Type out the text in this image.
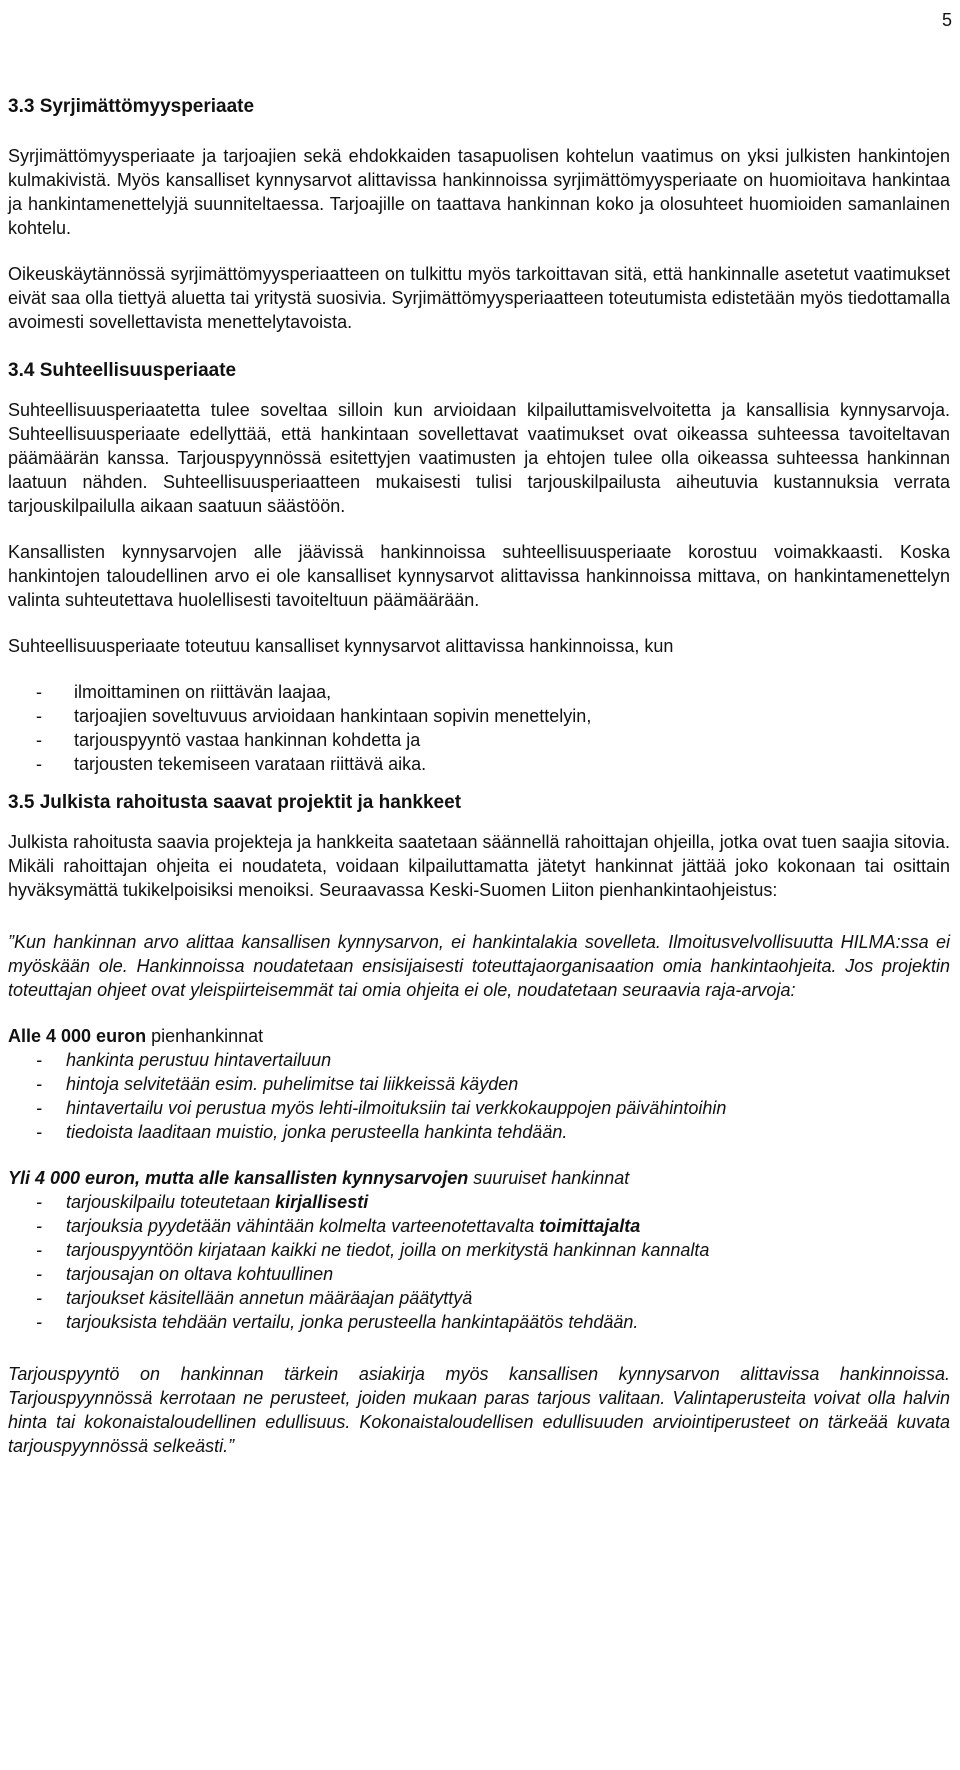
5
3.3 Syrjimättömyysperiaate

Syrjimättömyysperiaate ja tarjoajien sekä ehdokkaiden tasapuolisen kohtelun vaatimus on yksi julkisten hankintojen kulmakivistä. Myös kansalliset kynnysarvot alittavissa hankinnoissa syrjimättömyysperiaate on huomioitava hankintaa ja hankintamenettelyjä suunniteltaessa. Tarjoajille on taattava hankinnan koko ja olosuhteet huomioiden samanlainen kohtelu.

Oikeuskäytännössä syrjimättömyysperiaatteen on tulkittu myös tarkoittavan sitä, että hankinnalle asetetut vaatimukset eivät saa olla tiettyä aluetta tai yritystä suosivia. Syrjimättömyysperiaatteen toteutumista edistetään myös tiedottamalla avoimesti sovellettavista menettelytavoista.

3.4 Suhteellisuusperiaate

Suhteellisuusperiaatetta tulee soveltaa silloin kun arvioidaan kilpailuttamisvelvoitetta ja kansallisia kynnysarvoja. Suhteellisuusperiaate edellyttää, että hankintaan sovellettavat vaatimukset ovat oikeassa suhteessa tavoiteltavan päämäärän kanssa. Tarjouspyynnössä esitettyjen vaatimusten ja ehtojen tulee olla oikeassa suhteessa hankinnan laatuun nähden. Suhteellisuusperiaatteen mukaisesti tulisi tarjouskilpailusta aiheutuvia kustannuksia verrata tarjouskilpailulla aikaan saatuun säästöön.

Kansallisten kynnysarvojen alle jäävissä hankinnoissa suhteellisuusperiaate korostuu voimakkaasti. Koska hankintojen taloudellinen arvo ei ole kansalliset kynnysarvot alittavissa hankinnoissa mittava, on hankintamenettelyn valinta suhteutettava huolellisesti tavoiteltuun päämäärään.

Suhteellisuusperiaate toteutuu kansalliset kynnysarvot alittavissa hankinnoissa, kun

- ilmoittaminen on riittävän laajaa,
- tarjoajien soveltuvuus arvioidaan hankintaan sopivin menettelyin,
- tarjouspyyntö vastaa hankinnan kohdetta ja
- tarjousten tekemiseen varataan riittävä aika.
3.5 Julkista rahoitusta saavat projektit ja hankkeet

Julkista rahoitusta saavia projekteja ja hankkeita saatetaan säännellä rahoittajan ohjeilla, jotka ovat tuen saajia sitovia. Mikäli rahoittajan ohjeita ei noudateta, voidaan kilpailuttamatta jätetyt hankinnat jättää joko kokonaan tai osittain hyväksymättä tukikelpoisiksi menoiksi. Seuraavassa Keski-Suomen Liiton pienhankintaohjeistus:

”Kun hankinnan arvo alittaa kansallisen kynnysarvon, ei hankintalakia sovelleta. Ilmoitusvelvollisuutta HILMA:ssa ei myöskään ole. Hankinnoissa noudatetaan ensisijaisesti toteuttajaorganisaation omia hankintaohjeita. Jos projektin toteuttajan ohjeet ovat yleispiirteisemmät tai omia ohjeita ei ole, noudatetaan seuraavia raja-arvoja:

Alle 4 000 euron pienhankinnat

- hankinta perustuu hintavertailuun
- hintoja selvitetään esim. puhelimitse tai liikkeissä käyden
- hintavertailu voi perustua myös lehti-ilmoituksiin tai verkkokauppojen päivähintoihin
- tiedoista laaditaan muistio, jonka perusteella hankinta tehdään.

Yli 4 000 euron, mutta alle kansallisten kynnysarvojen suuruiset hankinnat

- tarjouskilpailu toteutetaan kirjallisesti
- tarjouksia pyydetään vähintään kolmelta varteenotettavalta toimittajalta
- tarjouspyyntöön kirjataan kaikki ne tiedot, joilla on merkitystä hankinnan kannalta
- tarjousajan on oltava kohtuullinen
- tarjoukset käsitellään annetun määräajan päätyttyä
- tarjouksista tehdään vertailu, jonka perusteella hankintapäätös tehdään.

Tarjouspyyntö on hankinnan tärkein asiakirja myös kansallisen kynnysarvon alittavissa hankinnoissa. Tarjouspyynnössä kerrotaan ne perusteet, joiden mukaan paras tarjous valitaan. Valintaperusteita voivat olla halvin hinta tai kokonaistaloudellinen edullisuus. Kokonaistaloudellisen edullisuuden arviointiperusteet on tärkeää kuvata tarjouspyynnössä selkeästi.”
